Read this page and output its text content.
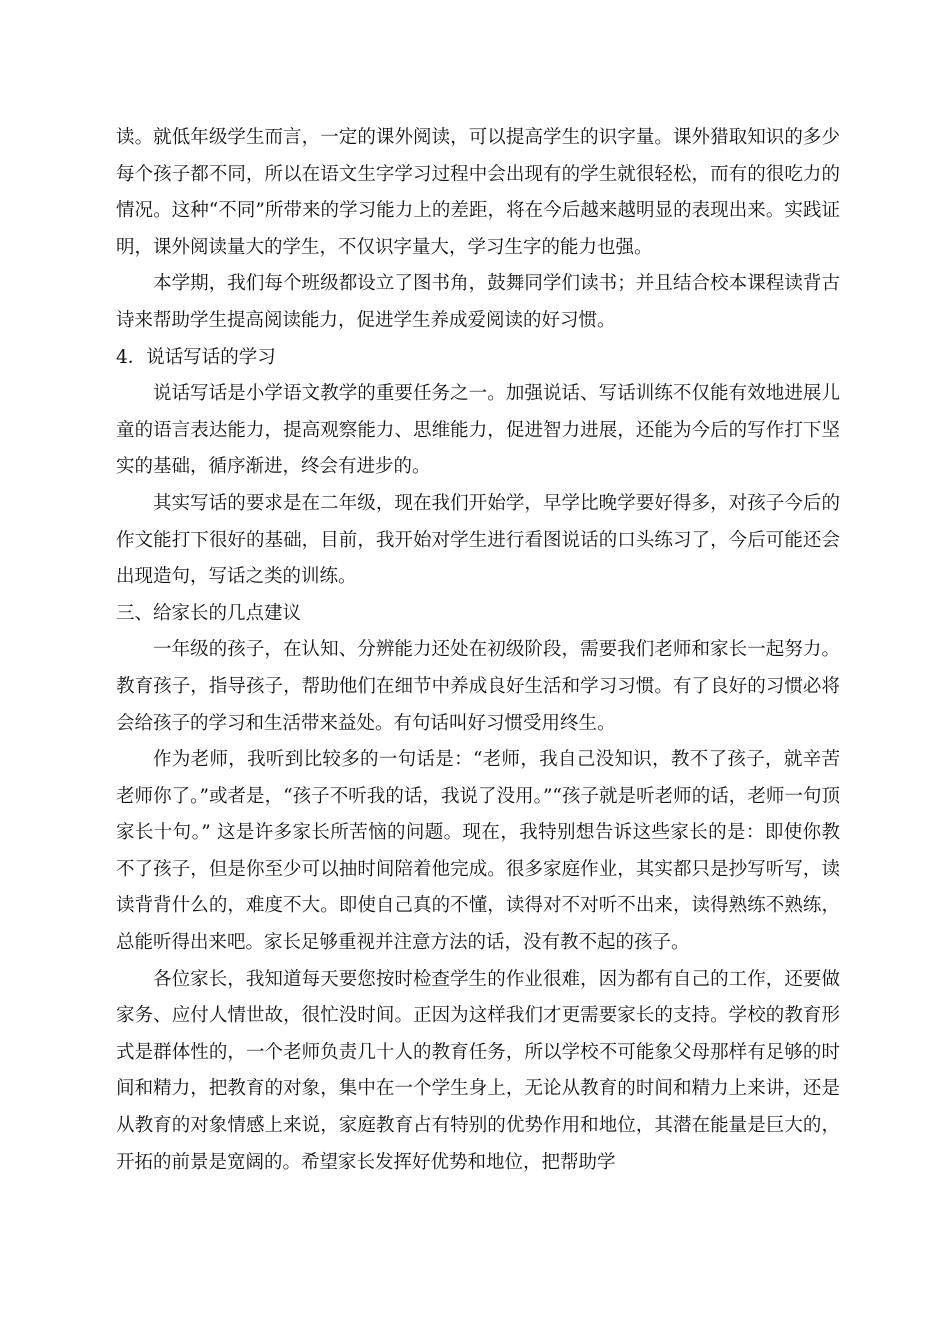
读。就低年级学生而言，一定的课外阅读，可以提高学生的识字量。课外猎取知识的多少每个孩子都不同，所以在语文生字学习过程中会出现有的学生就很轻松，而有的很吃力的情况。这种“不同”所带来的学习能力上的差距，将在今后越来越明显的表现出来。实践证明，课外阅读量大的学生，不仅识字量大，学习生字的能力也强。

本学期，我们每个班级都设立了图书角，鼓舞同学们读书；并且结合校本课程读背古诗来帮助学生提高阅读能力，促进学生养成爱阅读的好习惯。

4．说话写话的学习

说话写话是小学语文教学的重要任务之一。加强说话、写话训练不仅能有效地进展儿童的语言表达能力，提高观察能力、思维能力，促进智力进展，还能为今后的写作打下坚实的基础，循序渐进，终会有进步的。

其实写话的要求是在二年级，现在我们开始学，早学比晚学要好得多，对孩子今后的作文能打下很好的基础，目前，我开始对学生进行看图说话的口头练习了，今后可能还会出现造句，写话之类的训练。

三、给家长的几点建议

一年级的孩子，在认知、分辨能力还处在初级阶段，需要我们老师和家长一起努力。教育孩子，指导孩子，帮助他们在细节中养成良好生活和学习习惯。有了良好的习惯必将会给孩子的学习和生活带来益处。有句话叫好习惯受用终生。

作为老师，我听到比较多的一句话是：“老师，我自己没知识，教不了孩子，就辛苦老师你了。”或者是，“孩子不听我的话，我说了没用。”“孩子就是听老师的话，老师一句顶家长十句。” 这是许多家长所苦恼的问题。现在，我特别想告诉这些家长的是：即使你教不了孩子，但是你至少可以抽时间陪着他完成。很多家庭作业，其实都只是抄写听写，读读背背什么的，难度不大。即使自己真的不懂，读得对不对听不出来，读得熟练不熟练，总能听得出来吧。家长足够重视并注意方法的话，没有教不起的孩子。

各位家长，我知道每天要您按时检查学生的作业很难，因为都有自己的工作，还要做家务、应付人情世故，很忙没时间。正因为这样我们才更需要家长的支持。学校的教育形式是群体性的，一个老师负责几十人的教育任务，所以学校不可能象父母那样有足够的时间和精力，把教育的对象，集中在一个学生身上，无论从教育的时间和精力上来讲，还是从教育的对象情感上来说，家庭教育占有特别的优势作用和地位，其潜在能量是巨大的，开拓的前景是宽阔的。希望家长发挥好优势和地位，把帮助学
